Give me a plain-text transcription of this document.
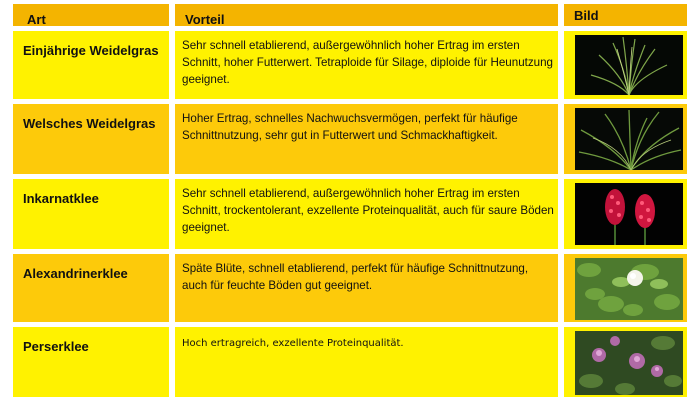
Art	Vorteil	Bild
Einjährige Weidelgras	Sehr schnell etablierend, außergewöhnlich hoher Ertrag im ersten Schnitt, hoher Futterwert. Tetraploide für Silage, diploide für Heunutzung geeignet.
Welsches Weidelgras	Hoher Ertrag, schnelles Nachwuchsvermögen, perfekt für häufige Schnittnutzung, sehr gut in Futterwert und Schmackhaftigkeit.
Inkarnatklee	Sehr schnell etablierend, außergewöhnlich hoher Ertrag im ersten Schnitt, trockentolerant, exzellente Proteinqualität, auch für saure Böden geeignet.
Alexandrinerklee	Späte Blüte, schnell etablierend, perfekt für häufige Schnittnutzung, auch für feuchte Böden gut geeignet.
Perserklee	Hoch ertragreich, exzellente Proteinqualität.
